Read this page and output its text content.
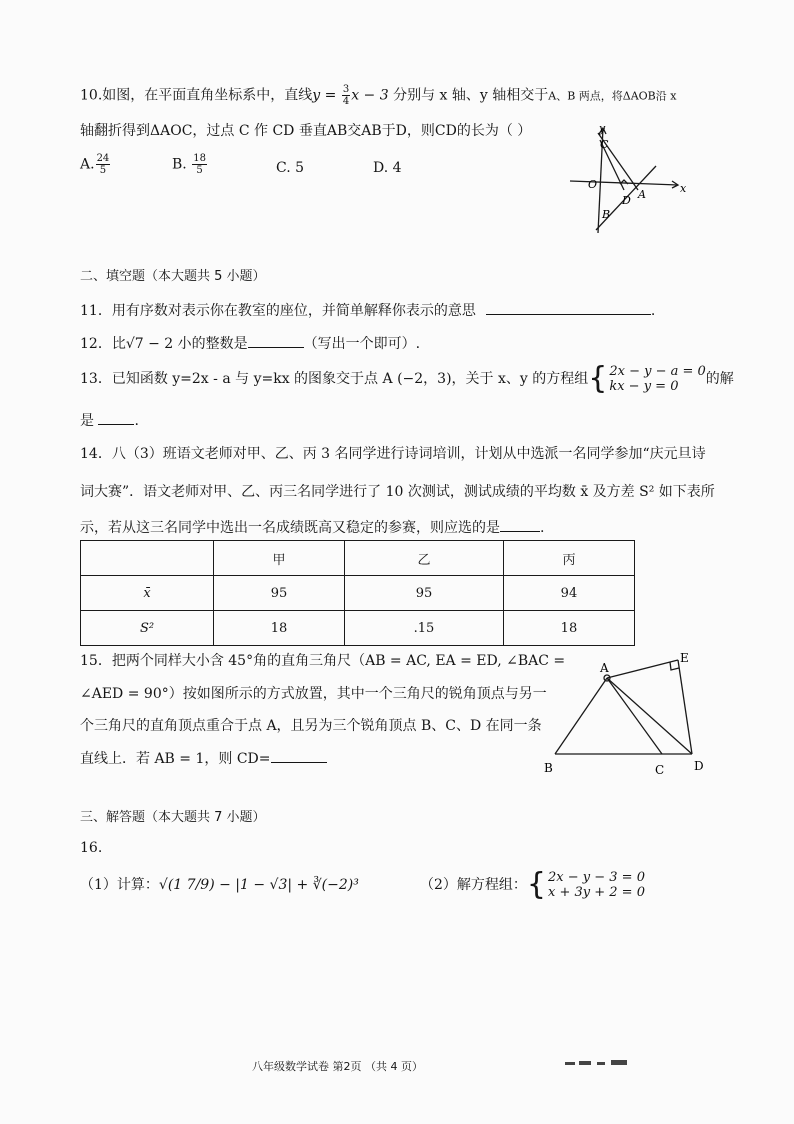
10.如图，在平面直角坐标系中，直线$y = \frac{3}{4}$ x − 3 分别与 x 轴、y 轴相交于A、B 两点，将ΔAOB沿 x
轴翻折得到ΔAOC，过点 C 作 CD 垂直AB交AB于D，则CD的长为（ ）
A. $\frac{24}{5}$	B. $\frac{18}{5}$	C. 5	D. 4
y
x
C
O
D A
B
二、填空题（本大题共 5 小题）
11．用有序数对表示你在教室的座位，并简单解释你表示的意思	.
12．比√7 − 2 小的整数是	（写出一个即可）.
13．已知函数 y=2x - a 与 y=kx 的图象交于点 A (−2，3)，关于 x、y 的方程组{ 2x − y − a = 0
kx − y = 0	的解
是	.
14．八（3）班语文老师对甲、乙、丙 3 名同学进行诗词培训，计划从中选派一名同学参加“庆元旦诗
词大赛”．语文老师对甲、乙、丙三名同学进行了 10 次测试，测试成绩的平均数 x̄ 及方差 S² 如下表所
示，若从这三名同学中选出一名成绩既高又稳定的参赛，则应选的是	.
	甲	乙	丙
x̄	95	95	94
S²	18	.15	18
15．把两个同样大小含 45°角的直角三角尺（AB = AC, EA = ED, ∠BAC =
∠AED = 90°）按如图所示的方式放置，其中一个三角尺的锐角顶点与另一
个三角尺的直角顶点重合于点 A，且另为三个锐角顶点 B、C、D 在同一条
直线上．若 AB = 1，则 CD=
A
E
B	C D
三、解答题（本大题共 7 小题）
16.
（1）计算：√(1 7/9) − |1 − √3| + ∛(−2)³	（2）解方程组：{ 2x − y − 3 = 0
x + 3y + 2 = 0
八年级数学试卷 第2页 （共 4 页）
